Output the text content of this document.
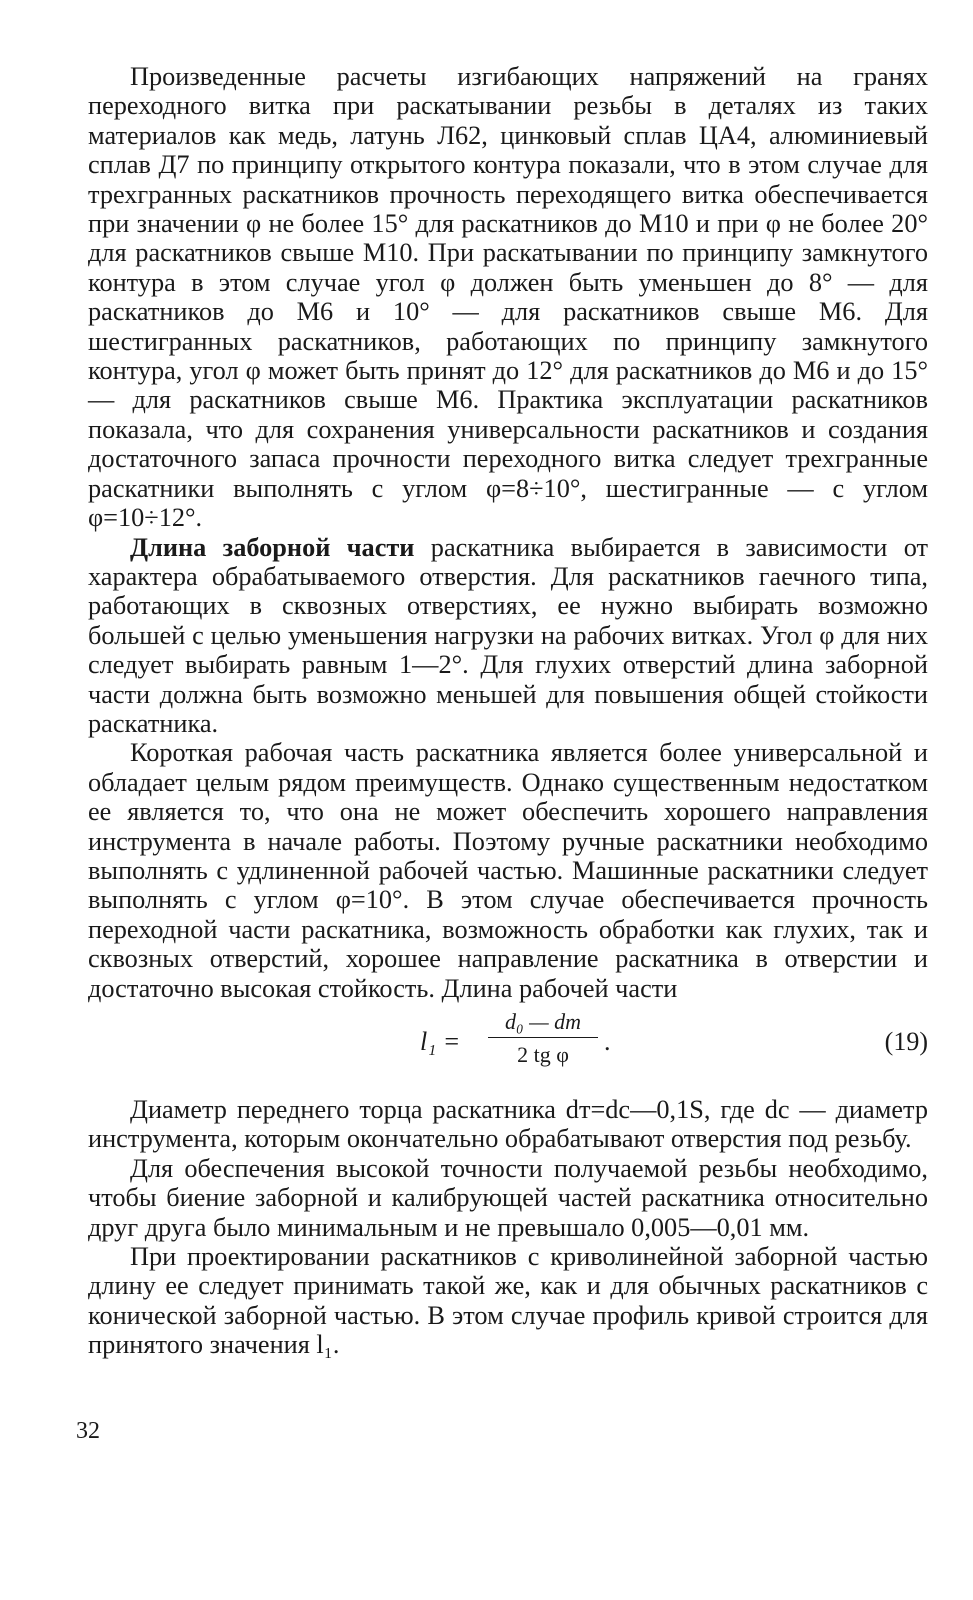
Произведенные расчеты изгибающих напряжений на гранях переходного витка при раскатывании резьбы в деталях из таких материалов как медь, латунь Л62, цинковый сплав ЦА4, алюминиевый сплав Д7 по принципу открытого контура показали, что в этом случае для трехгранных раскатников прочность переходящего витка обеспечивается при значении φ не более 15° для раскатников до М10 и при φ не более 20° для раскатников свыше М10. При раскатывании по принципу замкнутого контура в этом случае угол φ должен быть уменьшен до 8° — для раскатников до М6 и 10° — для раскатников свыше М6. Для шестигранных раскатников, работающих по принципу замкнутого контура, угол φ может быть принят до 12° для раскатников до М6 и до 15° — для раскатников свыше М6. Практика эксплуатации раскатников показала, что для сохранения универсальности раскатников и создания достаточного запаса прочности переходного витка следует трехгранные раскатники выполнять с углом φ=8÷10°, шестигранные — с углом φ=10÷12°.

Длина заборной части раскатника выбирается в зависимости от характера обрабатываемого отверстия. Для раскатников гаечного типа, работающих в сквозных отверстиях, ее нужно выбирать возможно большей с целью уменьшения нагрузки на рабочих витках. Угол φ для них следует выбирать равным 1—2°. Для глухих отверстий длина заборной части должна быть возможно меньшей для повышения общей стойкости раскатника.

Короткая рабочая часть раскатника является более универсальной и обладает целым рядом преимуществ. Однако существенным недостатком ее является то, что она не может обеспечить хорошего направления инструмента в начале работы. Поэтому ручные раскатники необходимо выполнять с удлиненной рабочей частью. Машинные раскатники следует выполнять с углом φ=10°. В этом случае обеспечивается прочность переходной части раскатника, возможность обработки как глухих, так и сквозных отверстий, хорошее направление раскатника в отверстии и достаточно высокая стойкость. Длина рабочей части

l₁ =
d₀ — dт
2 tg φ	.	(19)

Диаметр переднего торца раскатника dт=dс—0,1S, где dс — диаметр инструмента, которым окончательно обрабатывают отверстия под резьбу.

Для обеспечения высокой точности получаемой резьбы необходимо, чтобы биение заборной и калибрующей частей раскатника относительно друг друга было минимальным и не превышало 0,005—0,01 мм.

При проектировании раскатников с криволинейной заборной частью длину ее следует принимать такой же, как и для обычных раскатников с конической заборной частью. В этом случае профиль кривой строится для принятого значения l₁.

32
